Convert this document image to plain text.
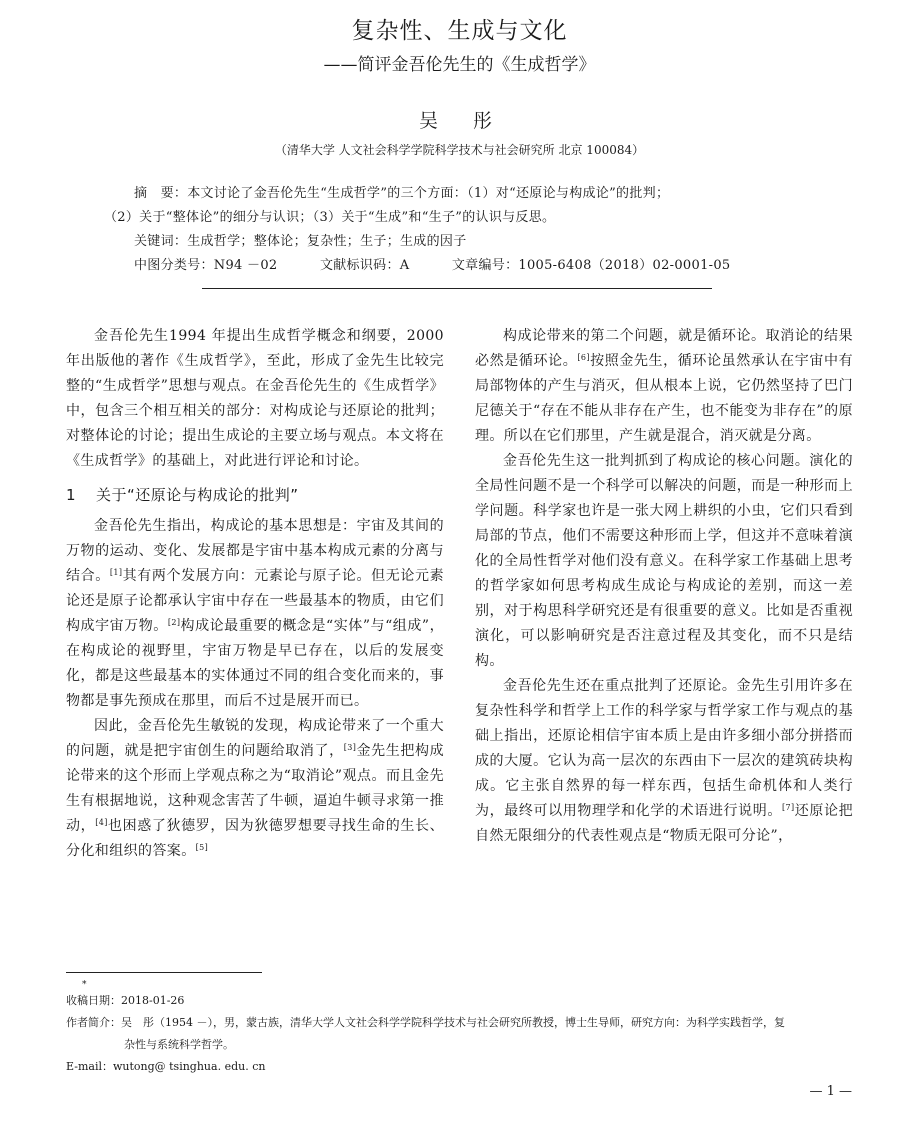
复杂性、生成与文化
——简评金吾伦先生的《生成哲学》
吴　彤
（清华大学 人文社会科学学院科学技术与社会研究所 北京 100084）
摘　要：本文讨论了金吾伦先生“生成哲学”的三个方面：（1）对“还原论与构成论”的批判；
（2）关于“整体论”的细分与认识；（3）关于“生成”和“生子”的认识与反思。
关键词：生成哲学；整体论；复杂性；生子；生成的因子
中图分类号：N94 －02	文献标识码：A	文章编号：1005-6408（2018）02-0001-05

金吾伦先生1994 年提出生成哲学概念和纲要，2000 年出版他的著作《生成哲学》，至此，形成了金先生比较完整的“生成哲学”思想与观点。在金吾伦先生的《生成哲学》中，包含三个相互相关的部分：对构成论与还原论的批判；对整体论的讨论；提出生成论的主要立场与观点。本文将在《生成哲学》的基础上，对此进行评论和讨论。

1 关于“还原论与构成论的批判”

金吾伦先生指出，构成论的基本思想是：宇宙及其间的万物的运动、变化、发展都是宇宙中基本构成元素的分离与结合。[1]其有两个发展方向：元素论与原子论。但无论元素论还是原子论都承认宇宙中存在一些最基本的物质，由它们构成宇宙万物。[2]构成论最重要的概念是“实体”与“组成”，在构成论的视野里，宇宙万物是早已存在，以后的发展变化，都是这些最基本的实体通过不同的组合变化而来的，事物都是事先预成在那里，而后不过是展开而已。

因此，金吾伦先生敏锐的发现，构成论带来了一个重大的问题，就是把宇宙创生的问题给取消了，[3]金先生把构成论带来的这个形而上学观点称之为“取消论”观点。而且金先生有根据地说，这种观念害苦了牛顿，逼迫牛顿寻求第一推动，[4]也困惑了狄德罗，因为狄德罗想要寻找生命的生长、分化和组织的答案。[5]

构成论带来的第二个问题，就是循环论。取消论的结果必然是循环论。[6]按照金先生，循环论虽然承认在宇宙中有局部物体的产生与消灭，但从根本上说，它仍然坚持了巴门尼德关于“存在不能从非存在产生，也不能变为非存在”的原理。所以在它们那里，产生就是混合，消灭就是分离。

金吾伦先生这一批判抓到了构成论的核心问题。演化的全局性问题不是一个科学可以解决的问题，而是一种形而上学问题。科学家也许是一张大网上耕织的小虫，它们只看到局部的节点，他们不需要这种形而上学，但这并不意味着演化的全局性哲学对他们没有意义。在科学家工作基础上思考的哲学家如何思考构成生成论与构成论的差别，而这一差别，对于构思科学研究还是有很重要的意义。比如是否重视演化，可以影响研究是否注意过程及其变化，而不只是结构。

金吾伦先生还在重点批判了还原论。金先生引用许多在复杂性科学和哲学上工作的科学家与哲学家工作与观点的基础上指出，还原论相信宇宙本质上是由许多细小部分拼搭而成的大厦。它认为高一层次的东西由下一层次的建筑砖块构成。它主张自然界的每一样东西，包括生命机体和人类行为，最终可以用物理学和化学的术语进行说明。[7]还原论把自然无限细分的代表性观点是“物质无限可分论”，

*
收稿日期：2018-01-26
作者简介：吴　彤（1954 －），男，蒙古族，清华大学人文社会科学学院科学技术与社会研究所教授，博士生导师，研究方向：为科学实践哲学，复
杂性与系统科学哲学。
E-mail：wutong@ tsinghua. edu. cn
— 1 —
